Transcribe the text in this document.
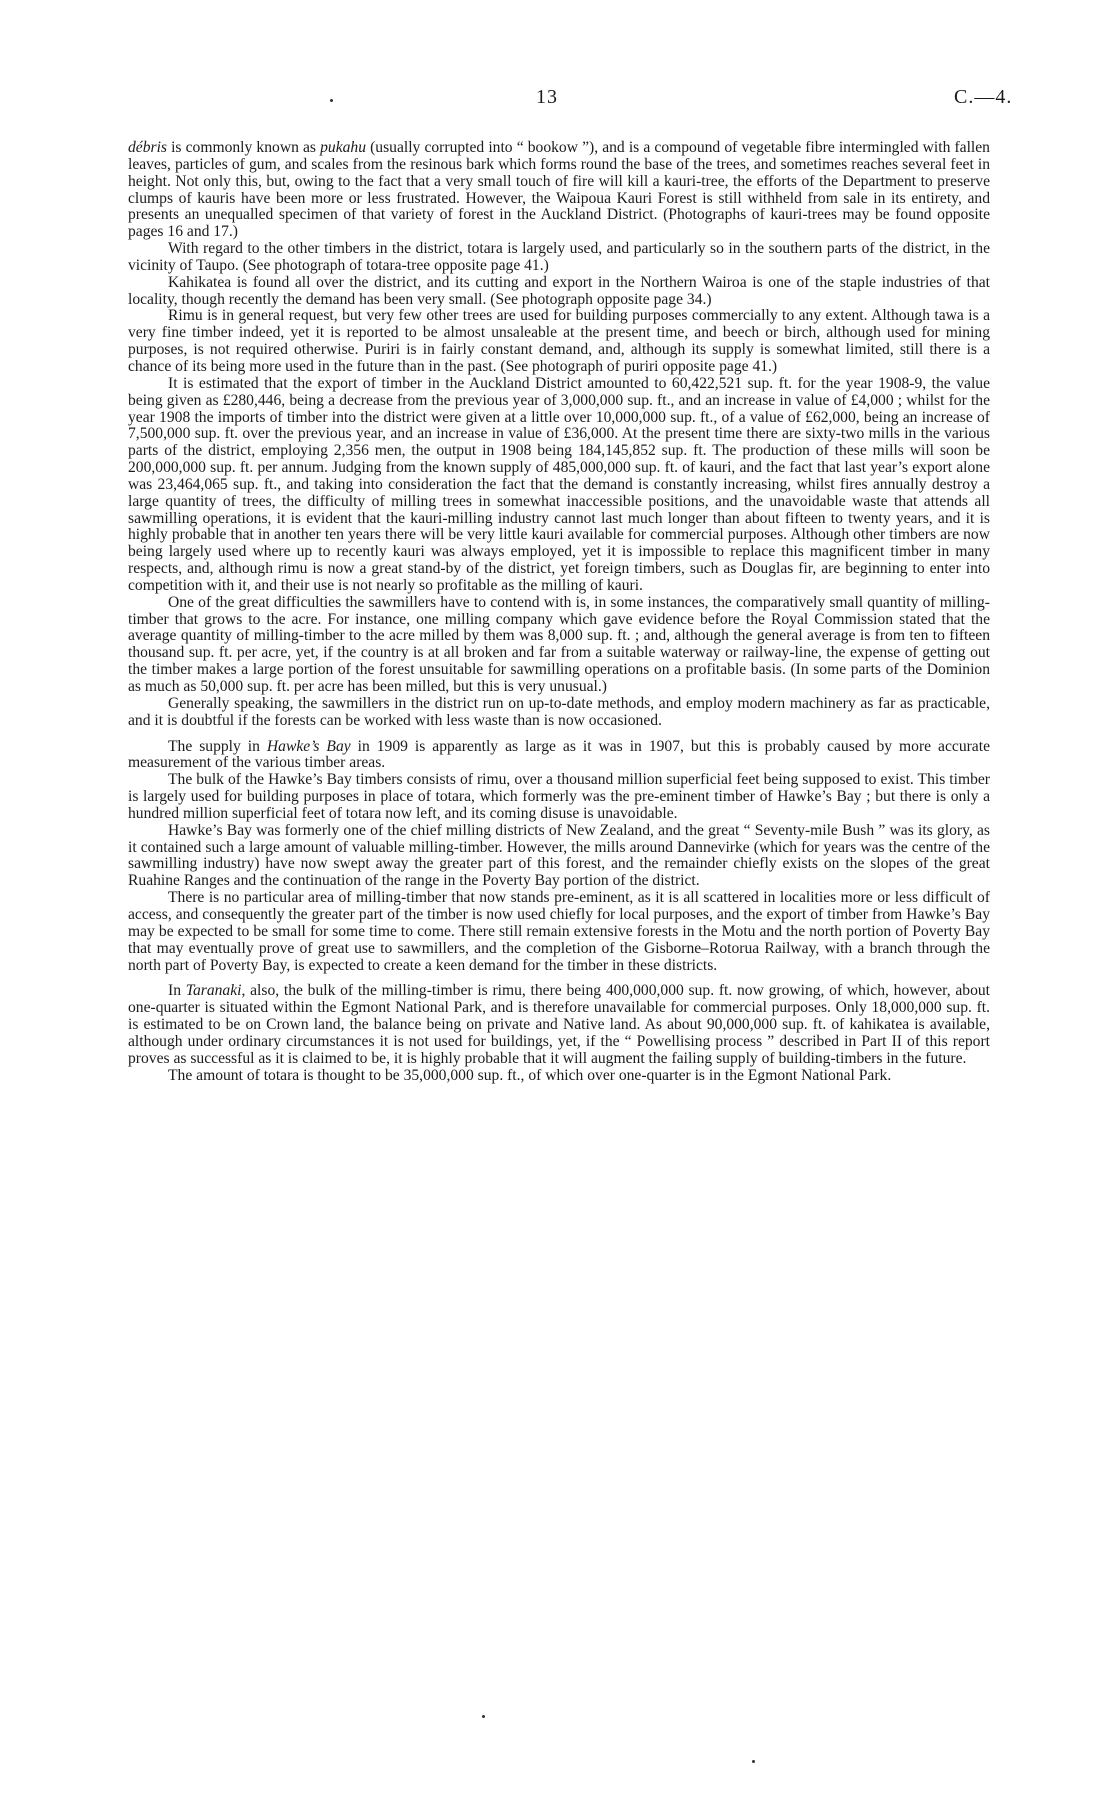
13	C.—4.

débris is commonly known as pukahu (usually corrupted into “ bookow ”), and is a compound of vegetable fibre intermingled with fallen leaves, particles of gum, and scales from the resinous bark which forms round the base of the trees, and sometimes reaches several feet in height. Not only this, but, owing to the fact that a very small touch of fire will kill a kauri-tree, the efforts of the Department to preserve clumps of kauris have been more or less frustrated. However, the Waipoua Kauri Forest is still withheld from sale in its entirety, and presents an unequalled specimen of that variety of forest in the Auckland District. (Photographs of kauri-trees may be found opposite pages 16 and 17.)

With regard to the other timbers in the district, totara is largely used, and particularly so in the southern parts of the district, in the vicinity of Taupo. (See photograph of totara-tree opposite page 41.)

Kahikatea is found all over the district, and its cutting and export in the Northern Wairoa is one of the staple industries of that locality, though recently the demand has been very small. (See photograph opposite page 34.)

Rimu is in general request, but very few other trees are used for building purposes commercially to any extent. Although tawa is a very fine timber indeed, yet it is reported to be almost unsaleable at the present time, and beech or birch, although used for mining purposes, is not required otherwise. Puriri is in fairly constant demand, and, although its supply is somewhat limited, still there is a chance of its being more used in the future than in the past. (See photograph of puriri opposite page 41.)

It is estimated that the export of timber in the Auckland District amounted to 60,422,521 sup. ft. for the year 1908-9, the value being given as £280,446, being a decrease from the previous year of 3,000,000 sup. ft., and an increase in value of £4,000 ; whilst for the year 1908 the imports of timber into the district were given at a little over 10,000,000 sup. ft., of a value of £62,000, being an increase of 7,500,000 sup. ft. over the previous year, and an increase in value of £36,000. At the present time there are sixty-two mills in the various parts of the district, employing 2,356 men, the output in 1908 being 184,145,852 sup. ft. The production of these mills will soon be 200,000,000 sup. ft. per annum. Judging from the known supply of 485,000,000 sup. ft. of kauri, and the fact that last year’s export alone was 23,464,065 sup. ft., and taking into consideration the fact that the demand is constantly increasing, whilst fires annually destroy a large quantity of trees, the difficulty of milling trees in somewhat inaccessible positions, and the unavoidable waste that attends all sawmilling operations, it is evident that the kauri-milling industry cannot last much longer than about fifteen to twenty years, and it is highly probable that in another ten years there will be very little kauri available for commercial purposes. Although other timbers are now being largely used where up to recently kauri was always employed, yet it is impossible to replace this magnificent timber in many respects, and, although rimu is now a great stand-by of the district, yet foreign timbers, such as Douglas fir, are beginning to enter into competition with it, and their use is not nearly so profitable as the milling of kauri.

One of the great difficulties the sawmillers have to contend with is, in some instances, the comparatively small quantity of milling-timber that grows to the acre. For instance, one milling company which gave evidence before the Royal Commission stated that the average quantity of milling-timber to the acre milled by them was 8,000 sup. ft. ; and, although the general average is from ten to fifteen thousand sup. ft. per acre, yet, if the country is at all broken and far from a suitable waterway or railway-line, the expense of getting out the timber makes a large portion of the forest unsuitable for sawmilling operations on a profitable basis. (In some parts of the Dominion as much as 50,000 sup. ft. per acre has been milled, but this is very unusual.)

Generally speaking, the sawmillers in the district run on up-to-date methods, and employ modern machinery as far as practicable, and it is doubtful if the forests can be worked with less waste than is now occasioned.

The supply in Hawke’s Bay in 1909 is apparently as large as it was in 1907, but this is probably caused by more accurate measurement of the various timber areas.

The bulk of the Hawke’s Bay timbers consists of rimu, over a thousand million superficial feet being supposed to exist. This timber is largely used for building purposes in place of totara, which formerly was the pre-eminent timber of Hawke’s Bay ; but there is only a hundred million superficial feet of totara now left, and its coming disuse is unavoidable.

Hawke’s Bay was formerly one of the chief milling districts of New Zealand, and the great “ Seventy-mile Bush ” was its glory, as it contained such a large amount of valuable milling-timber. However, the mills around Dannevirke (which for years was the centre of the sawmilling industry) have now swept away the greater part of this forest, and the remainder chiefly exists on the slopes of the great Ruahine Ranges and the continuation of the range in the Poverty Bay portion of the district.

There is no particular area of milling-timber that now stands pre-eminent, as it is all scattered in localities more or less difficult of access, and consequently the greater part of the timber is now used chiefly for local purposes, and the export of timber from Hawke’s Bay may be expected to be small for some time to come. There still remain extensive forests in the Motu and the north portion of Poverty Bay that may eventually prove of great use to sawmillers, and the completion of the Gisborne–Rotorua Railway, with a branch through the north part of Poverty Bay, is expected to create a keen demand for the timber in these districts.

In Taranaki, also, the bulk of the milling-timber is rimu, there being 400,000,000 sup. ft. now growing, of which, however, about one-quarter is situated within the Egmont National Park, and is therefore unavailable for commercial purposes. Only 18,000,000 sup. ft. is estimated to be on Crown land, the balance being on private and Native land. As about 90,000,000 sup. ft. of kahikatea is available, although under ordinary circumstances it is not used for buildings, yet, if the “ Powellising process ” described in Part II of this report proves as successful as it is claimed to be, it is highly probable that it will augment the failing supply of building-timbers in the future.

The amount of totara is thought to be 35,000,000 sup. ft., of which over one-quarter is in the Egmont National Park.
